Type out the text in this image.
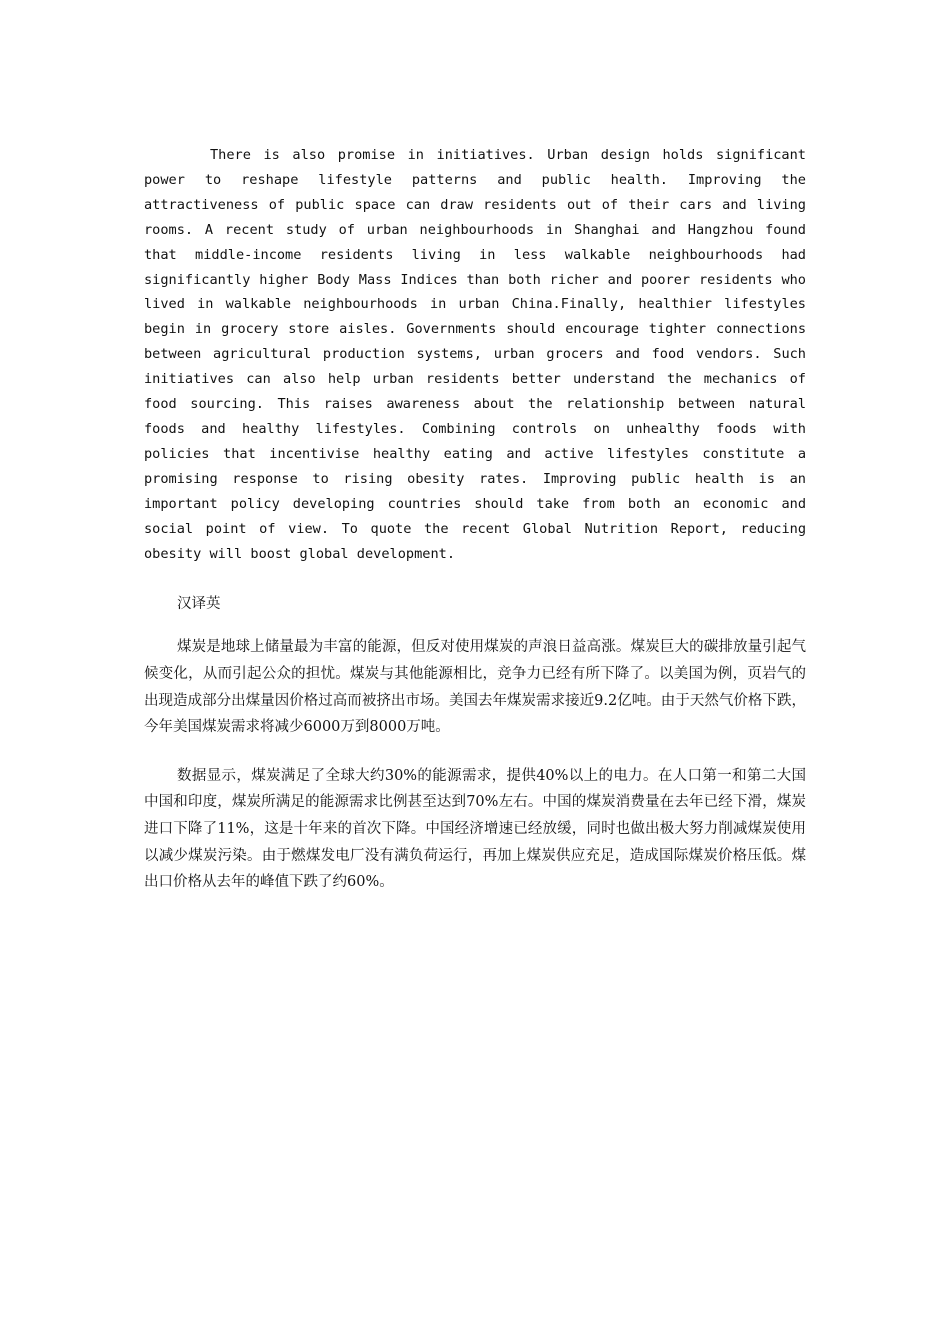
There is also promise in initiatives. Urban design holds significant power to reshape lifestyle patterns and public health. Improving the attractiveness of public space can draw residents out of their cars and living rooms. A recent study of urban neighbourhoods in Shanghai and Hangzhou found that middle-income residents living in less walkable neighbourhoods had significantly higher Body Mass Indices than both richer and poorer residents who lived in walkable neighbourhoods in urban China.Finally, healthier lifestyles begin in grocery store aisles. Governments should encourage tighter connections between agricultural production systems, urban grocers and food vendors. Such initiatives can also help urban residents better understand the mechanics of food sourcing. This raises awareness about the relationship between natural foods and healthy lifestyles. Combining controls on unhealthy foods with policies that incentivise healthy eating and active lifestyles constitute a promising response to rising obesity rates. Improving public health is an important policy developing countries should take from both an economic and social point of view. To quote the recent Global Nutrition Report, reducing obesity will boost global development.

汉译英

煤炭是地球上储量最为丰富的能源，但反对使用煤炭的声浪日益高涨。煤炭巨大的碳排放量引起气候变化，从而引起公众的担忧。煤炭与其他能源相比，竞争力已经有所下降了。以美国为例，页岩气的出现造成部分出煤量因价格过高而被挤出市场。美国去年煤炭需求接近9.2亿吨。由于天然气价格下跌，今年美国煤炭需求将减少6000万到8000万吨。

数据显示，煤炭满足了全球大约30%的能源需求，提供40%以上的电力。在人口第一和第二大国中国和印度，煤炭所满足的能源需求比例甚至达到70%左右。中国的煤炭消费量在去年已经下滑，煤炭进口下降了11%，这是十年来的首次下降。中国经济增速已经放缓，同时也做出极大努力削减煤炭使用以减少煤炭污染。由于燃煤发电厂没有满负荷运行，再加上煤炭供应充足，造成国际煤炭价格压低。煤出口价格从去年的峰值下跌了约60%。
